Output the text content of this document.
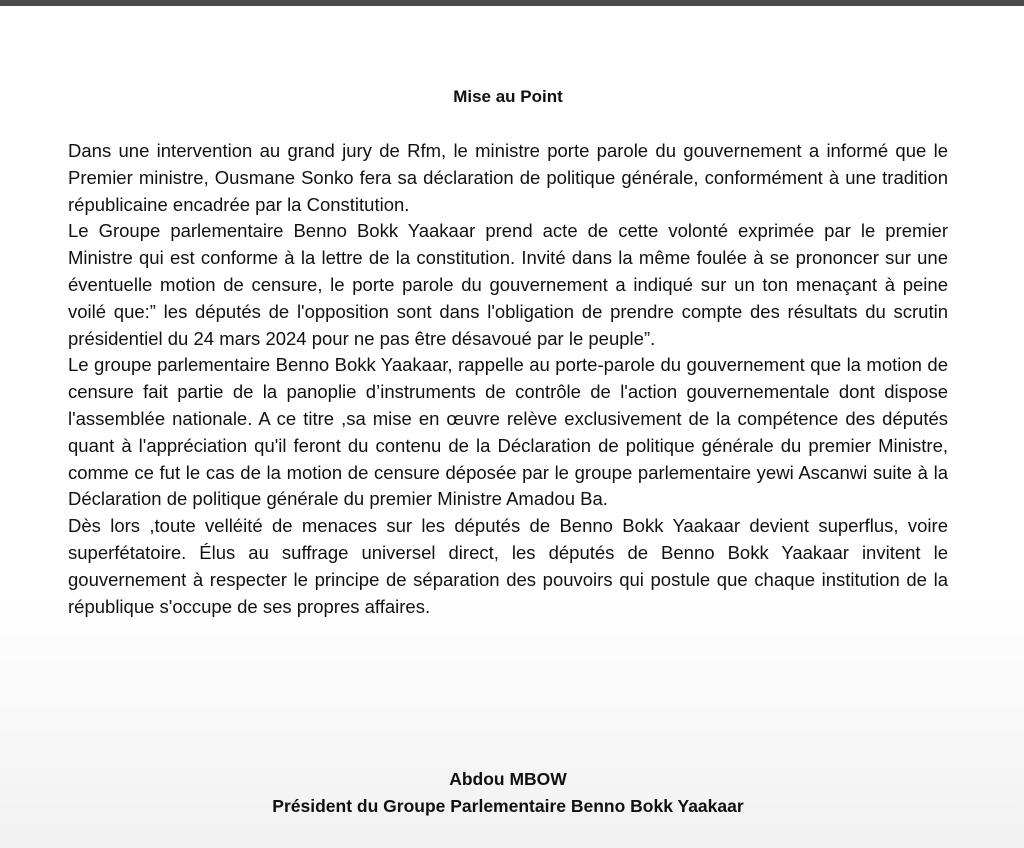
Mise au Point

Dans une intervention au grand jury de Rfm, le ministre porte parole du gouvernement a informé que le Premier ministre, Ousmane Sonko fera sa déclaration de politique générale, conformément à une tradition républicaine encadrée par la Constitution.

Le Groupe parlementaire Benno Bokk Yaakaar prend acte de cette volonté exprimée par le premier Ministre qui est conforme à la lettre de la constitution. Invité dans la même foulée à se prononcer sur une éventuelle motion de censure, le porte parole du gouvernement a indiqué sur un ton menaçant à peine voilé que:” les députés de l'opposition sont dans l'obligation de prendre compte des résultats du scrutin présidentiel du 24 mars 2024 pour ne pas être désavoué par le peuple”.

Le groupe parlementaire Benno Bokk Yaakaar, rappelle au porte-parole du gouvernement que la motion de censure fait partie de la panoplie d’instruments de contrôle de l'action gouvernementale dont dispose l'assemblée nationale. A ce titre ,sa mise en œuvre relève exclusivement de la compétence des députés quant à l'appréciation qu'il feront du contenu de la Déclaration de politique générale du premier Ministre, comme ce fut le cas de la motion de censure déposée par le groupe parlementaire yewi Ascanwi suite à la Déclaration de politique générale du premier Ministre Amadou Ba.

Dès lors ,toute velléité de menaces sur les députés de Benno Bokk Yaakaar devient superflus, voire superfétatoire. Élus au suffrage universel direct, les députés de Benno Bokk Yaakaar invitent le gouvernement à respecter le principe de séparation des pouvoirs qui postule que chaque institution de la république s'occupe de ses propres affaires.

Abdou MBOW
Président du Groupe Parlementaire Benno Bokk Yaakaar
